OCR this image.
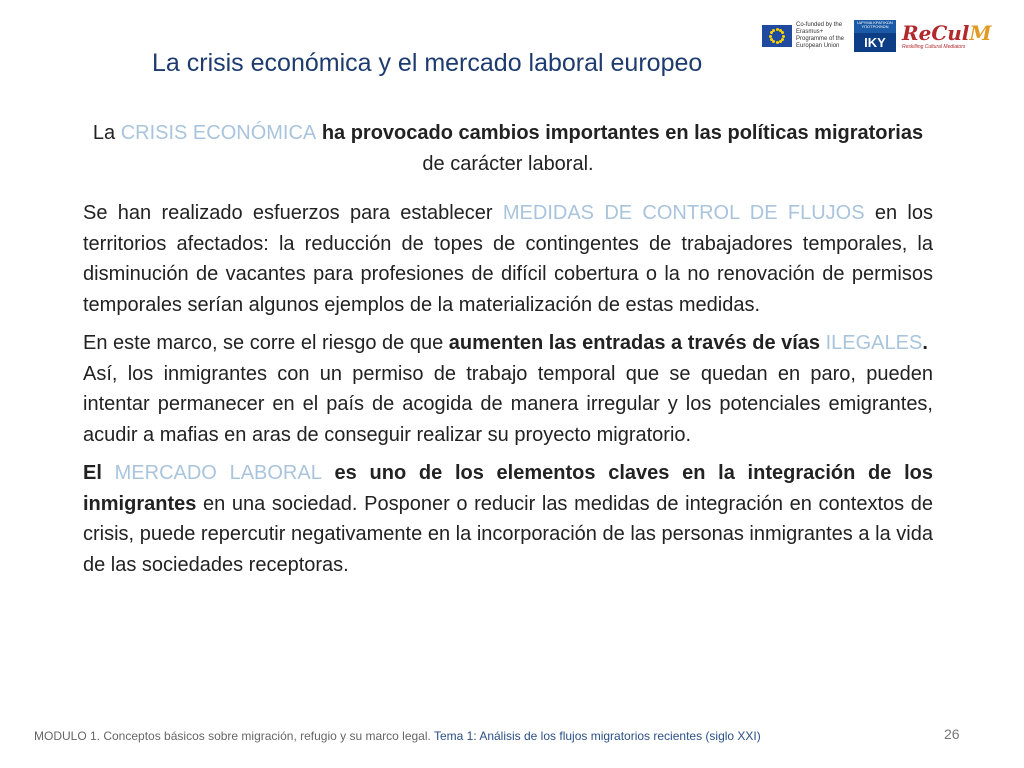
Co-funded by the Erasmus+ Programme of the European Union
ΙΔΡΥΜΑ ΚΡΑΤΙΚΩΝ ΥΠΟΤΡΟΦΙΩΝ
IKY ReCulM
Reskilling Cultural Mediators
La crisis económica y el mercado laboral europeo

La CRISIS ECONÓMICA ha provocado cambios importantes en las políticas migratorias de carácter laboral.

Se han realizado esfuerzos para establecer MEDIDAS DE CONTROL DE FLUJOS en los territorios afectados: la reducción de topes de contingentes de trabajadores temporales, la disminución de vacantes para profesiones de difícil cobertura o la no renovación de permisos temporales serían algunos ejemplos de la materialización de estas medidas.

En este marco, se corre el riesgo de que aumenten las entradas a través de vías ILEGALES.
Así, los inmigrantes con un permiso de trabajo temporal que se quedan en paro, pueden intentar permanecer en el país de acogida de manera irregular y los potenciales emigrantes, acudir a mafias en aras de conseguir realizar su proyecto migratorio.

El MERCADO LABORAL es uno de los elementos claves en la integración de los inmigrantes en una sociedad. Posponer o reducir las medidas de integración en contextos de crisis, puede repercutir negativamente en la incorporación de las personas inmigrantes a la vida de las sociedades receptoras.

MODULO 1. Conceptos básicos sobre migración, refugio y su marco legal. Tema 1: Análisis de los flujos migratorios recientes (siglo XXI)	26
